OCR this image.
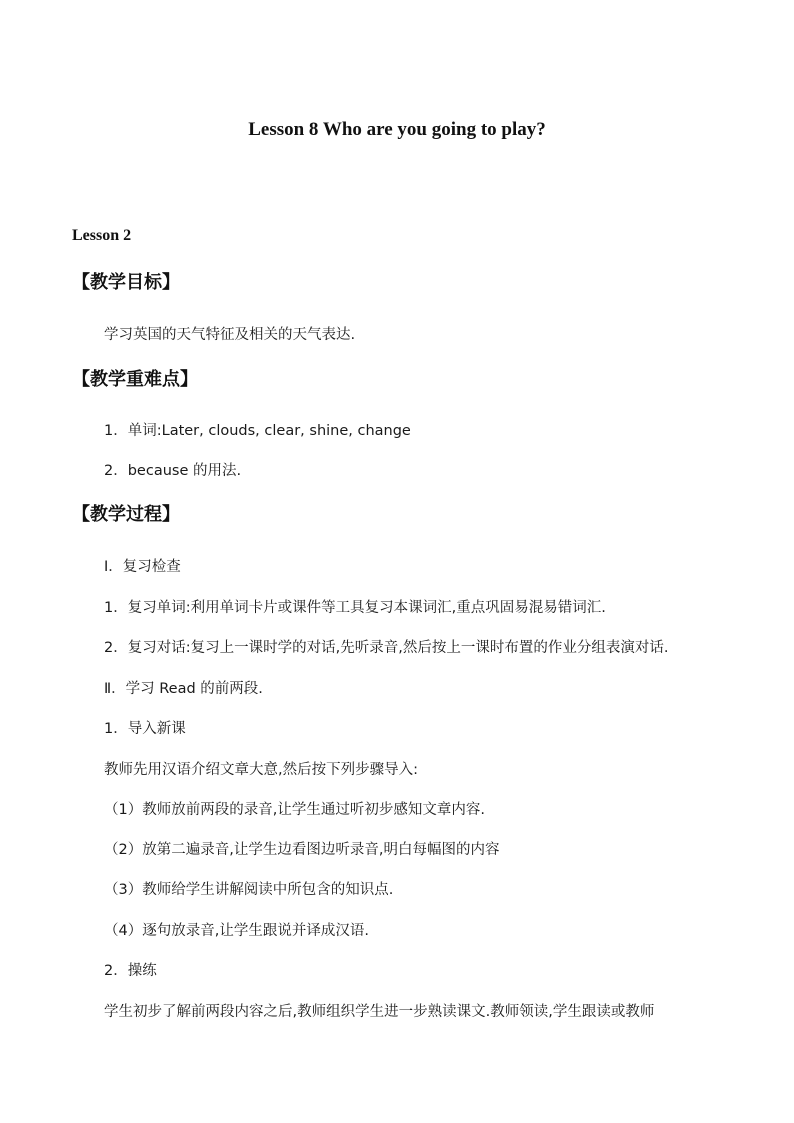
Lesson 8 Who are you going to play?
Lesson 2
【教学目标】
学习英国的天气特征及相关的天气表达.
【教学重难点】
1．单词:Later, clouds, clear, shine, change
2．because 的用法.
【教学过程】
Ⅰ．复习检查
1．复习单词:利用单词卡片或课件等工具复习本课词汇,重点巩固易混易错词汇.
2．复习对话:复习上一课时学的对话,先听录音,然后按上一课时布置的作业分组表演对话.
Ⅱ．学习 Read 的前两段.
1．导入新课
教师先用汉语介绍文章大意,然后按下列步骤导入:
（1）教师放前两段的录音,让学生通过听初步感知文章内容.
（2）放第二遍录音,让学生边看图边听录音,明白每幅图的内容
（3）教师给学生讲解阅读中所包含的知识点.
（4）逐句放录音,让学生跟说并译成汉语.
2．操练
学生初步了解前两段内容之后,教师组织学生进一步熟读课文.教师领读,学生跟读或教师
